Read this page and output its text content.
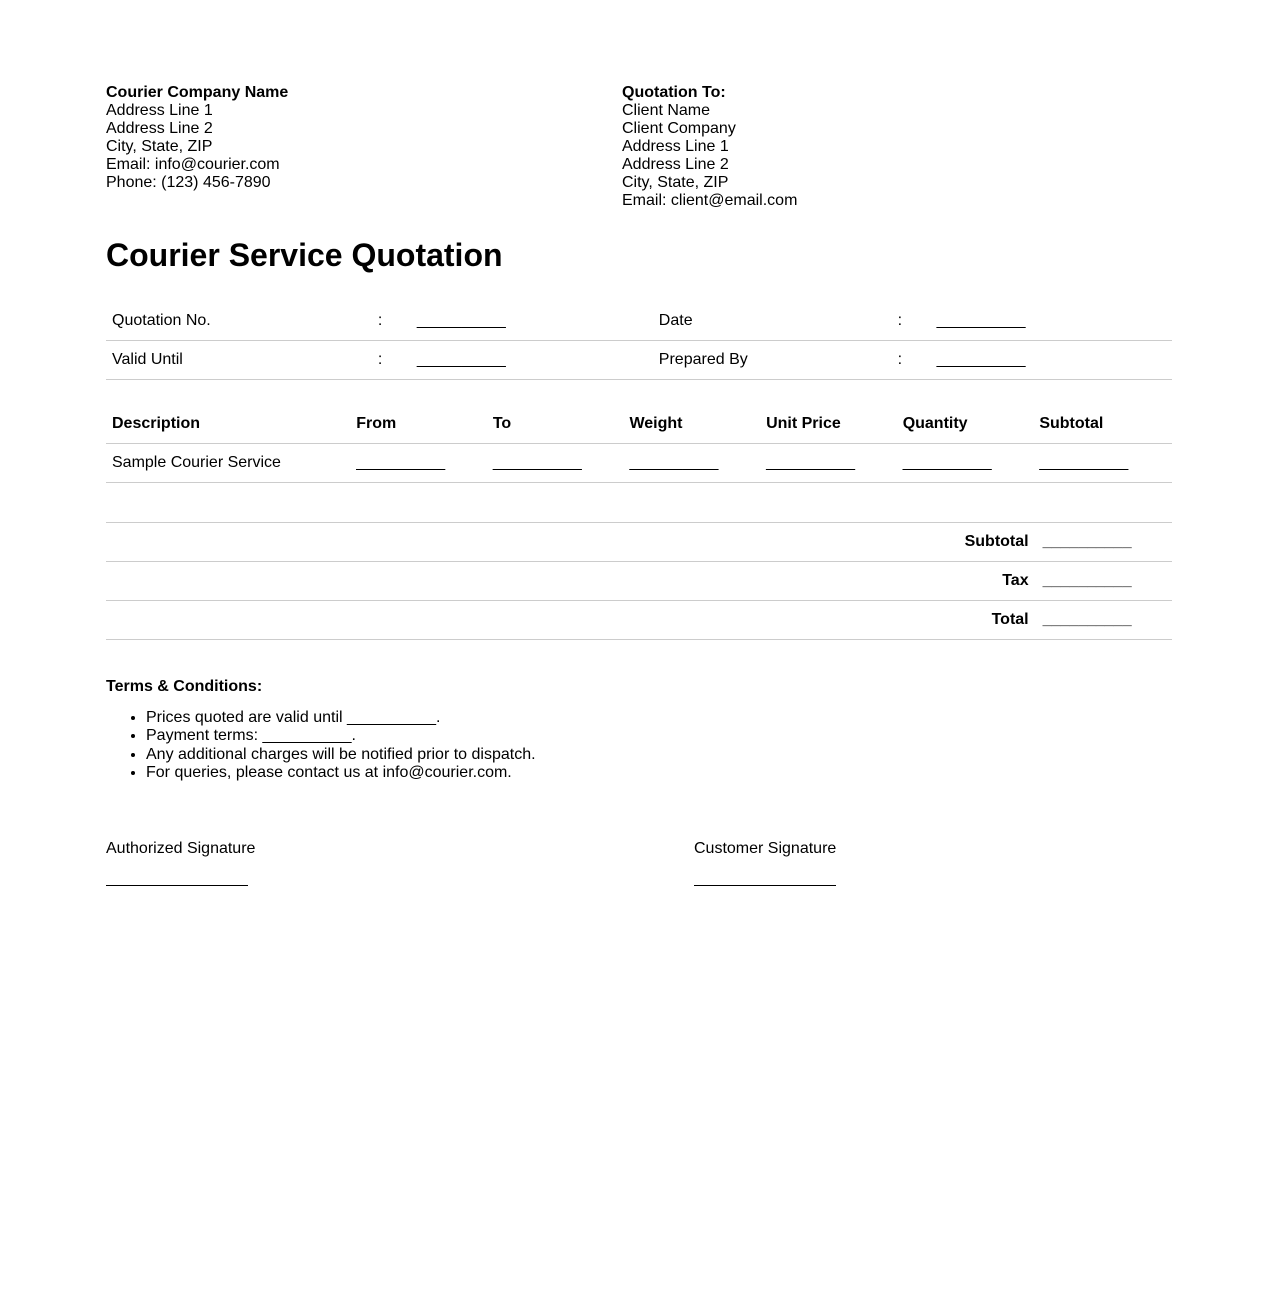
Courier Company Name
Address Line 1
Address Line 2
City, State, ZIP
Email: info@courier.com
Phone: (123) 456-7890
Quotation To:
Client Name
Client Company
Address Line 1
Address Line 2
City, State, ZIP
Email: client@email.com
Courier Service Quotation
Quotation No.	:	__________	Date	:	__________
Valid Until	:	__________	Prepared By	:	__________
Description	From	To	Weight	Unit Price	Quantity	Subtotal
Sample Courier Service	__________	__________	__________	__________	__________	__________

Subtotal	__________
Tax	__________
Total	__________
Terms & Conditions:
• Prices quoted are valid until __________.
• Payment terms: __________.
• Any additional charges will be notified prior to dispatch.
• For queries, please contact us at info@courier.com.
Authorized Signature	Customer Signature
